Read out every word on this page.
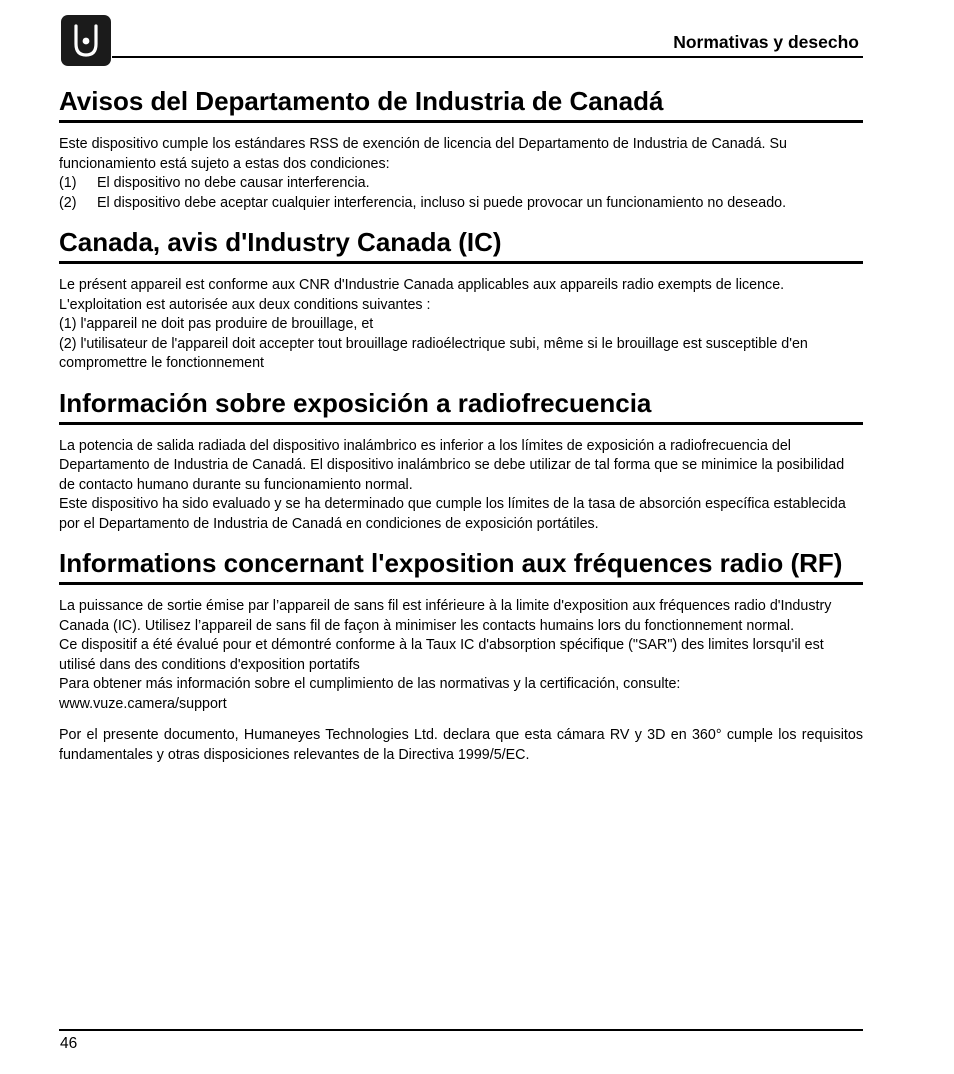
Normativas y desecho
Avisos del Departamento de Industria de Canadá

Este dispositivo cumple los estándares RSS de exención de licencia del Departamento de Industria de Canadá. Su funcionamiento está sujeto a estas dos condiciones:

(1)	El dispositivo no debe causar interferencia.
(2)	El dispositivo debe aceptar cualquier interferencia, incluso si puede provocar un funcionamiento no deseado.
Canada, avis d'Industry Canada (IC)

Le présent appareil est conforme aux CNR d'Industrie Canada applicables aux appareils radio exempts de licence. L'exploitation est autorisée aux deux conditions suivantes :

(1) l'appareil ne doit pas produire de brouillage, et

(2) l'utilisateur de l'appareil doit accepter tout brouillage radioélectrique subi, même si le brouillage est susceptible d'en compromettre le fonctionnement

Información sobre exposición a radiofrecuencia

La potencia de salida radiada del dispositivo inalámbrico es inferior a los límites de exposición a radiofrecuencia del Departamento de Industria de Canadá. El dispositivo inalámbrico se debe utilizar de tal forma que se minimice la posibilidad de contacto humano durante su funcionamiento normal.

Este dispositivo ha sido evaluado y se ha determinado que cumple los límites de la tasa de absorción específica establecida por el Departamento de Industria de Canadá en condiciones de exposición portátiles.

Informations concernant l'exposition aux fréquences radio (RF)

La puissance de sortie émise par l’appareil de sans fil est inférieure à la limite d'exposition aux fréquences radio d'Industry Canada (IC). Utilisez l’appareil de sans fil de façon à minimiser les contacts humains lors du fonctionnement normal.

Ce dispositif a été évalué pour et démontré conforme à la Taux IC d'absorption spécifique ("SAR") des limites lorsqu'il est utilisé dans des conditions d'exposition portatifs

Para obtener más información sobre el cumplimiento de las normativas y la certificación, consulte:

www.vuze.camera/support

Por el presente documento, Humaneyes Technologies Ltd. declara que esta cámara RV y 3D en 360° cumple los requisitos fundamentales y otras disposiciones relevantes de la Directiva 1999/5/EC.

46
